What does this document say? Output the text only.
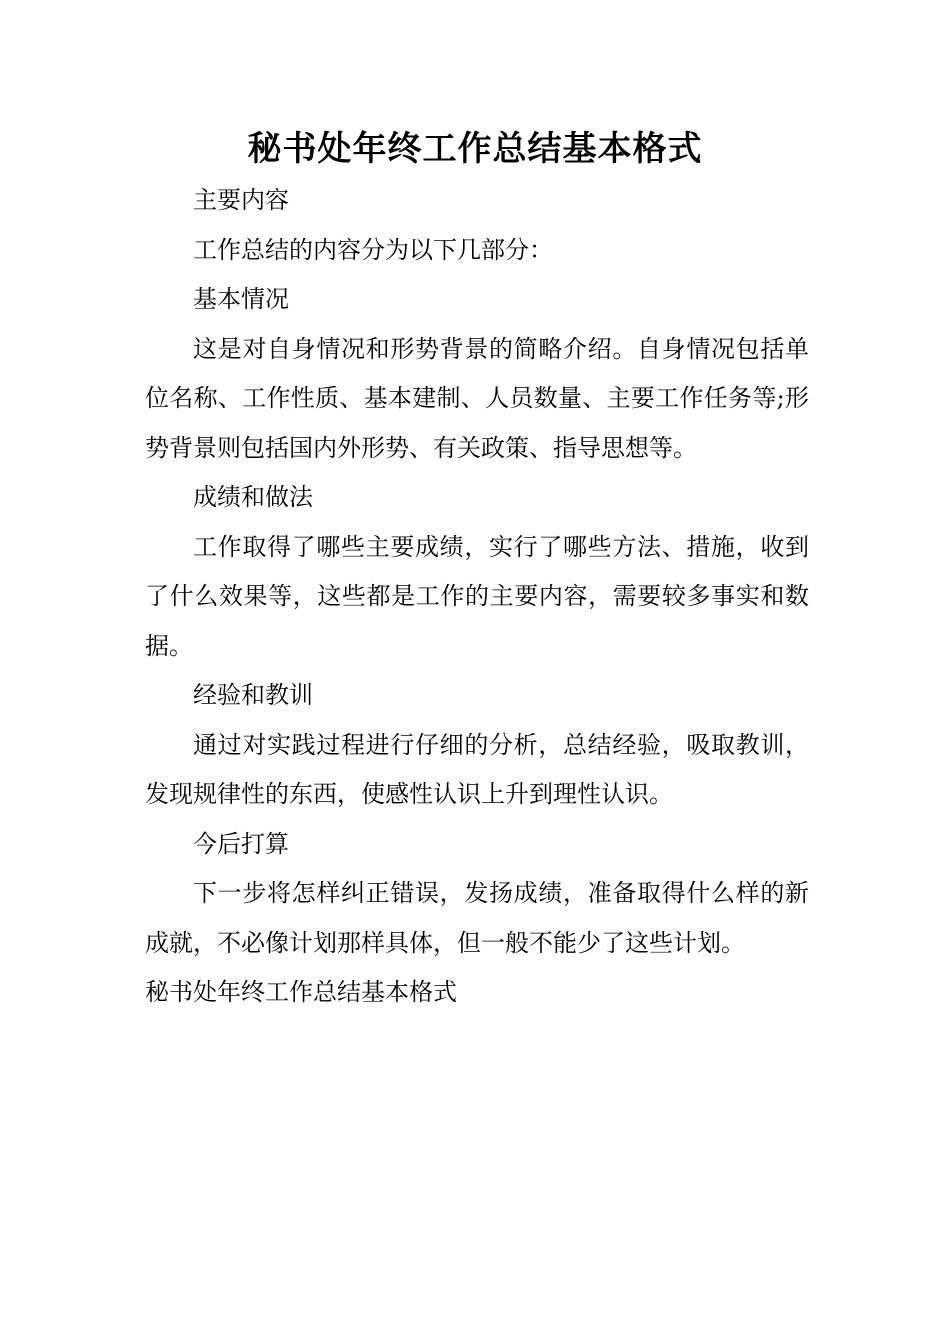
秘书处年终工作总结基本格式

主要内容

工作总结的内容分为以下几部分：

基本情况

这是对自身情况和形势背景的简略介绍。自身情况包括单位名称、工作性质、基本建制、人员数量、主要工作任务等;形势背景则包括国内外形势、有关政策、指导思想等。

成绩和做法

工作取得了哪些主要成绩，实行了哪些方法、措施，收到了什么效果等，这些都是工作的主要内容，需要较多事实和数据。

经验和教训

通过对实践过程进行仔细的分析，总结经验，吸取教训，发现规律性的东西，使感性认识上升到理性认识。

今后打算

下一步将怎样纠正错误，发扬成绩，准备取得什么样的新成就，不必像计划那样具体，但一般不能少了这些计划。

秘书处年终工作总结基本格式
